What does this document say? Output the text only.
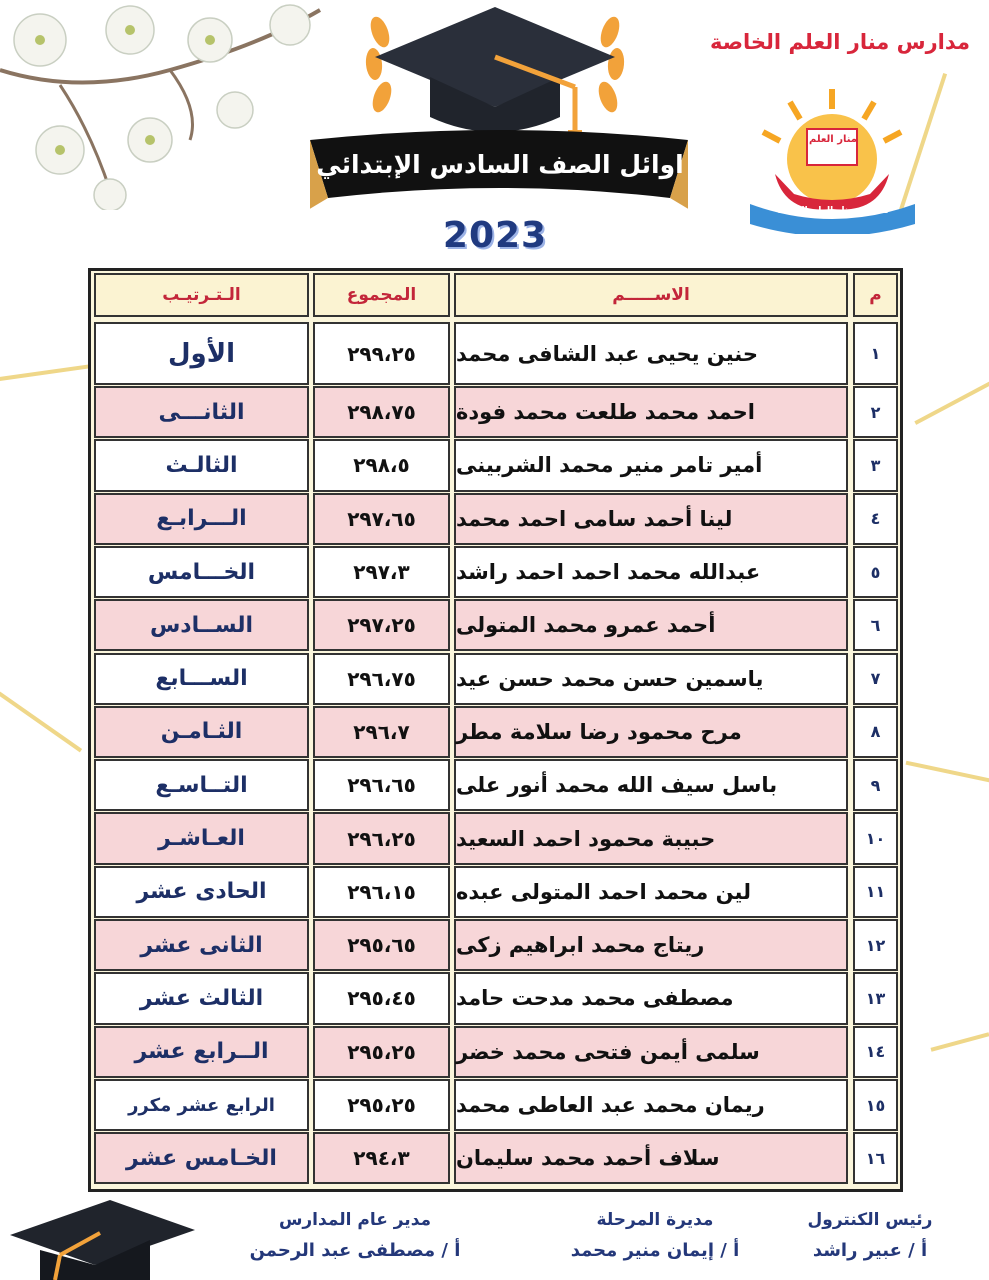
اوائل الصف السادس الإبتدائي
2023
مدارس منار العلم الخاصة
منار العلم
مدارس منار العلم الخاصة
الـتـرتيـب	المجموع	الاســـــم	م
الأول	٢٩٩،٢٥	حنين يحيى عبد الشافى محمد	١
الثانـــى	٢٩٨،٧٥	احمد محمد طلعت محمد فودة	٢
الثالـث	٢٩٨،٥	أمير تامر منير محمد الشربينى	٣
الـــرابـع	٢٩٧،٦٥	لينا أحمد سامى احمد محمد	٤
الخـــامس	٢٩٧،٣	عبدالله محمد احمد احمد راشد	٥
الســادس	٢٩٧،٢٥	أحمد عمرو محمد المتولى	٦
الســـابع	٢٩٦،٧٥	ياسمين حسن محمد حسن عيد	٧
الثـامـن	٢٩٦،٧	مرح محمود رضا سلامة مطر	٨
التــاسـع	٢٩٦،٦٥	باسل سيف الله محمد أنور على	٩
العـاشـر	٢٩٦،٢٥	حبيبة محمود احمد السعيد	١٠
الحادى عشر	٢٩٦،١٥	لين محمد احمد المتولى عبده	١١
الثانى عشر	٢٩٥،٦٥	ريتاج محمد ابراهيم زكى	١٢
الثالث عشر	٢٩٥،٤٥	مصطفى محمد مدحت حامد	١٣
الــرابع عشر	٢٩٥،٢٥	سلمى أيمن فتحى محمد خضر	١٤
الرابع عشر مكرر	٢٩٥،٢٥	ريمان محمد عبد العاطى محمد	١٥
الخـامس عشر	٢٩٤،٣	سلاف أحمد محمد سليمان	١٦
رئيس الكنترول
أ / عبير راشد
مديرة المرحلة
أ / إيمان منير محمد
مدير عام المدارس
أ / مصطفى عبد الرحمن
